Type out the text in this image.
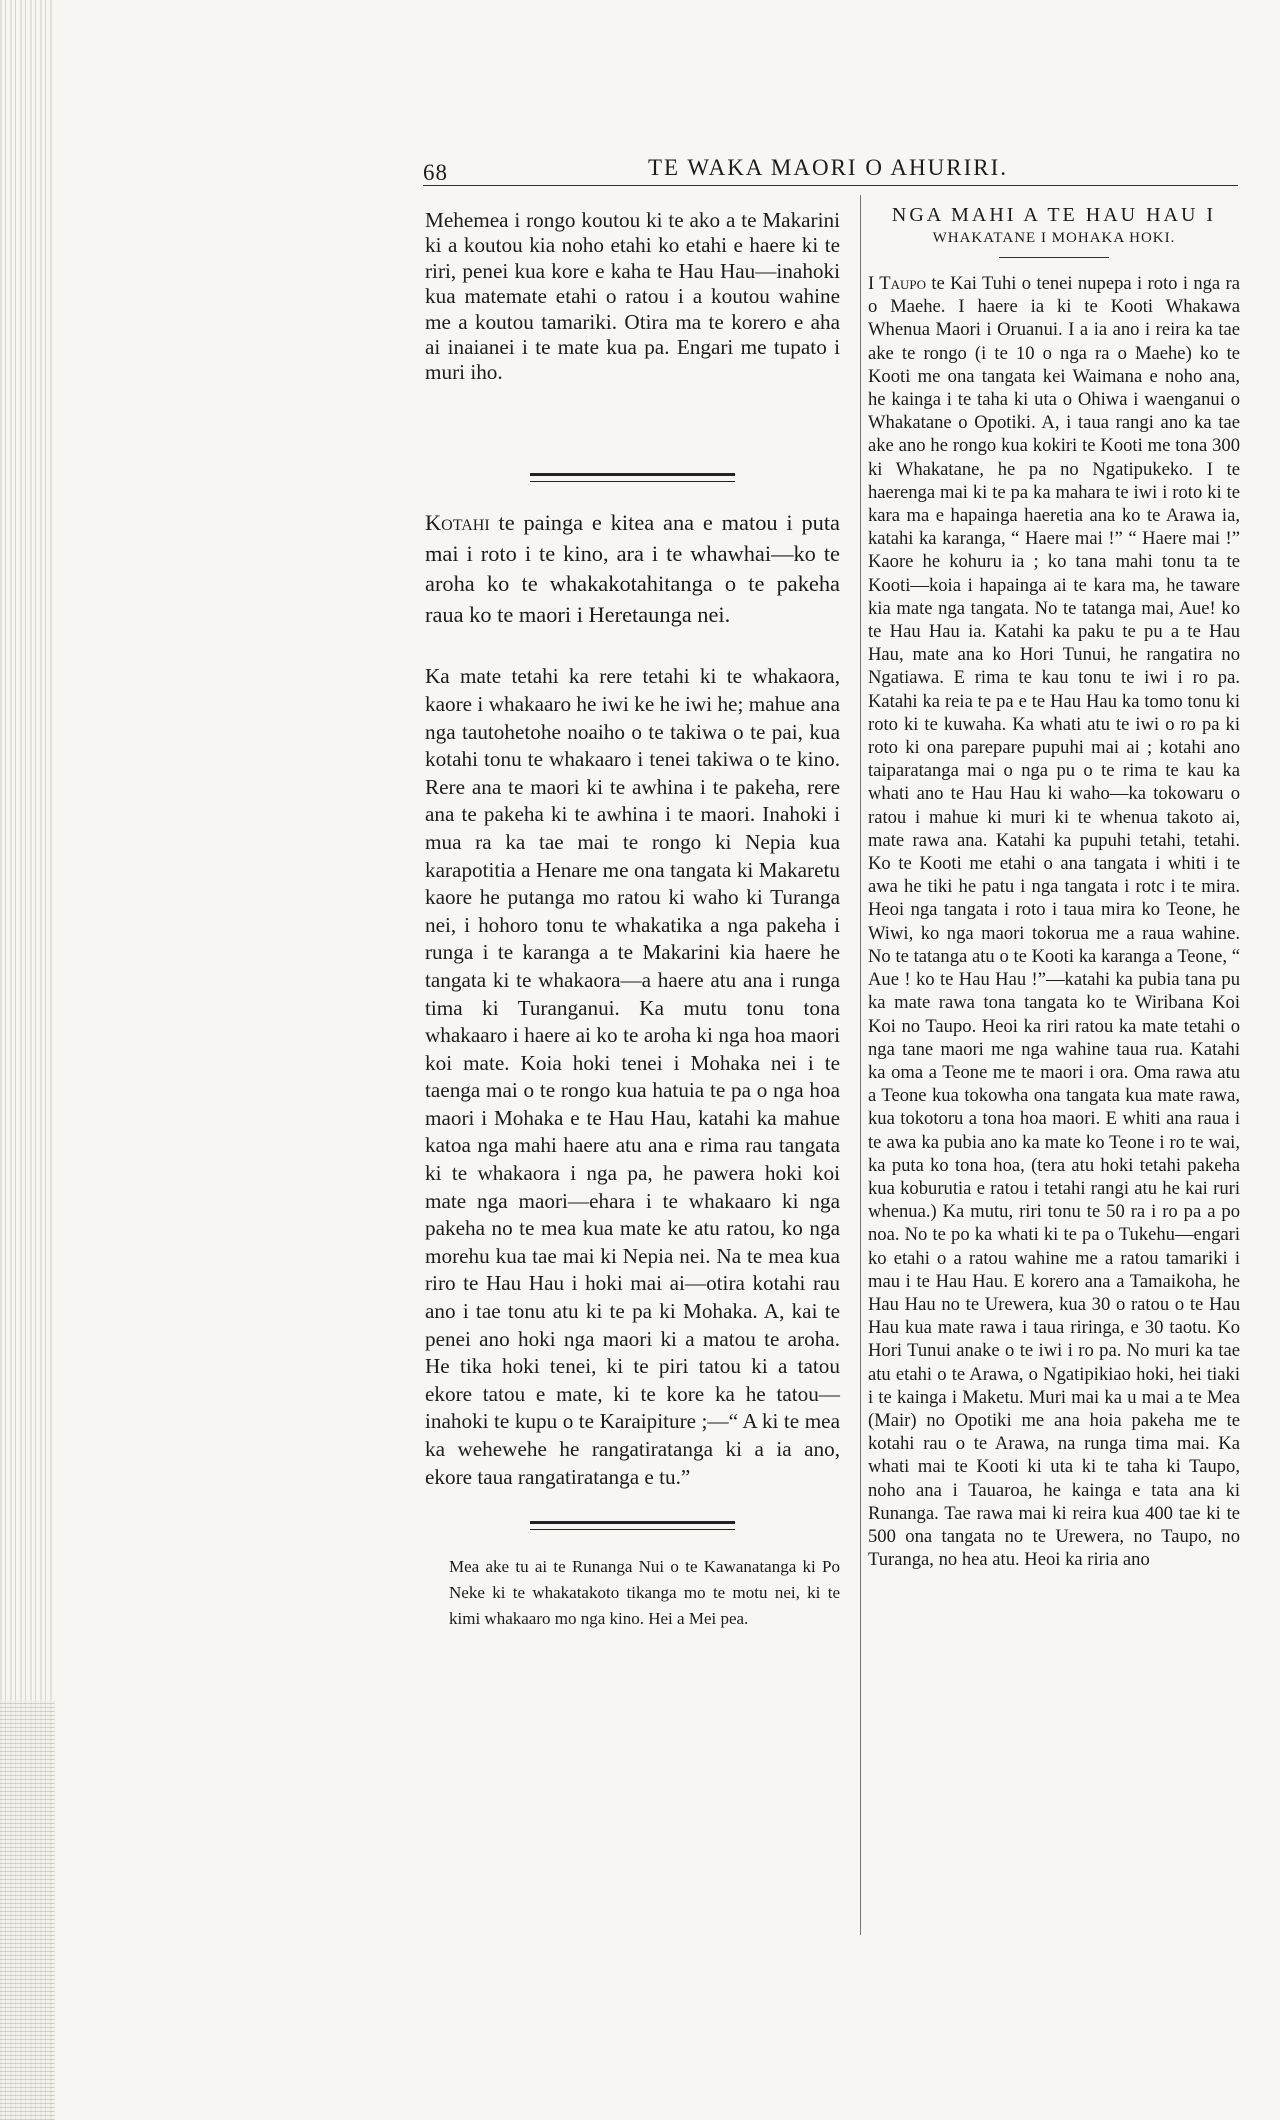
68	TE WAKA MAORI O AHURIRI.

Mehemea i rongo koutou ki te ako a te Makarini ki a koutou kia noho etahi ko etahi e haere ki te riri, penei kua kore e kaha te Hau Hau—inahoki kua matemate etahi o ratou i a koutou wahine me a koutou tamariki. Otira ma te korero e aha ai inaianei i te mate kua pa. Engari me tupato i muri iho.

Kotahi te painga e kitea ana e matou i puta mai i roto i te kino, ara i te whawhai—ko te aroha ko te whakakotahitanga o te pakeha raua ko te maori i Heretaunga nei.

Ka mate tetahi ka rere tetahi ki te whakaora, kaore i whakaaro he iwi ke he iwi he; mahue ana nga tautohetohe noaiho o te takiwa o te pai, kua kotahi tonu te whakaaro i tenei takiwa o te kino. Rere ana te maori ki te awhina i te pakeha, rere ana te pakeha ki te awhina i te maori. Inahoki i mua ra ka tae mai te rongo ki Nepia kua karapotitia a Henare me ona tangata ki Makaretu kaore he putanga mo ratou ki waho ki Turanga nei, i hohoro tonu te whakatika a nga pakeha i runga i te karanga a te Makarini kia haere he tangata ki te whakaora—a haere atu ana i runga tima ki Turanganui. Ka mutu tonu tona whakaaro i haere ai ko te aroha ki nga hoa maori koi mate. Koia hoki tenei i Mohaka nei i te taenga mai o te rongo kua hatuia te pa o nga hoa maori i Mohaka e te Hau Hau, katahi ka mahue katoa nga mahi haere atu ana e rima rau tangata ki te whakaora i nga pa, he pawera hoki koi mate nga maori—ehara i te whakaaro ki nga pakeha no te mea kua mate ke atu ratou, ko nga morehu kua tae mai ki Nepia nei. Na te mea kua riro te Hau Hau i hoki mai ai—otira kotahi rau ano i tae tonu atu ki te pa ki Mohaka. A, kai te penei ano hoki nga maori ki a matou te aroha. He tika hoki tenei, ki te piri tatou ki a tatou ekore tatou e mate, ki te kore ka he tatou—inahoki te kupu o te Karaipiture ;—“ A ki te mea ka wehewehe he rangatiratanga ki a ia ano, ekore taua rangatiratanga e tu.”

Mea ake tu ai te Runanga Nui o te Kawanatanga ki Po Neke ki te whakatakoto tikanga mo te motu nei, ki te kimi whakaaro mo nga kino. Hei a Mei pea.

NGA MAHI A TE HAU HAU I

WHAKATANE I MOHAKA HOKI.

I Taupo te Kai Tuhi o tenei nupepa i roto i nga ra o Maehe. I haere ia ki te Kooti Whakawa Whenua Maori i Oruanui. I a ia ano i reira ka tae ake te rongo (i te 10 o nga ra o Maehe) ko te Kooti me ona tangata kei Waimana e noho ana, he kainga i te taha ki uta o Ohiwa i waenganui o Whakatane o Opotiki. A, i taua rangi ano ka tae ake ano he rongo kua kokiri te Kooti me tona 300 ki Whakatane, he pa no Ngatipukeko. I te haerenga mai ki te pa ka mahara te iwi i roto ki te kara ma e hapainga haeretia ana ko te Arawa ia, katahi ka karanga, “ Haere mai !” “ Haere mai !” Kaore he kohuru ia ; ko tana mahi tonu ta te Kooti—koia i hapainga ai te kara ma, he taware kia mate nga tangata. No te tatanga mai, Aue! ko te Hau Hau ia. Katahi ka paku te pu a te Hau Hau, mate ana ko Hori Tunui, he rangatira no Ngatiawa. E rima te kau tonu te iwi i ro pa. Katahi ka reia te pa e te Hau Hau ka tomo tonu ki roto ki te kuwaha. Ka whati atu te iwi o ro pa ki roto ki ona parepare pupuhi mai ai ; kotahi ano taiparatanga mai o nga pu o te rima te kau ka whati ano te Hau Hau ki waho—ka tokowaru o ratou i mahue ki muri ki te whenua takoto ai, mate rawa ana. Katahi ka pupuhi tetahi, tetahi. Ko te Kooti me etahi o ana tangata i whiti i te awa he tiki he patu i nga tangata i rotc i te mira. Heoi nga tangata i roto i taua mira ko Teone, he Wiwi, ko nga maori tokorua me a raua wahine. No te tatanga atu o te Kooti ka karanga a Teone, “ Aue ! ko te Hau Hau !”—katahi ka pubia tana pu ka mate rawa tona tangata ko te Wiribana Koi Koi no Taupo. Heoi ka riri ratou ka mate tetahi o nga tane maori me nga wahine taua rua. Katahi ka oma a Teone me te maori i ora. Oma rawa atu a Teone kua tokowha ona tangata kua mate rawa, kua tokotoru a tona hoa maori. E whiti ana raua i te awa ka pubia ano ka mate ko Teone i ro te wai, ka puta ko tona hoa, (tera atu hoki tetahi pakeha kua koburutia e ratou i tetahi rangi atu he kai ruri whenua.) Ka mutu, riri tonu te 50 ra i ro pa a po noa. No te po ka whati ki te pa o Tukehu—engari ko etahi o a ratou wahine me a ratou tamariki i mau i te Hau Hau. E korero ana a Tamaikoha, he Hau Hau no te Urewera, kua 30 o ratou o te Hau Hau kua mate rawa i taua riringa, e 30 taotu. Ko Hori Tunui anake o te iwi i ro pa. No muri ka tae atu etahi o te Arawa, o Ngatipikiao hoki, hei tiaki i te kainga i Maketu. Muri mai ka u mai a te Mea (Mair) no Opotiki me ana hoia pakeha me te kotahi rau o te Arawa, na runga tima mai. Ka whati mai te Kooti ki uta ki te taha ki Taupo, noho ana i Tauaroa, he kainga e tata ana ki Runanga. Tae rawa mai ki reira kua 400 tae ki te 500 ona tangata no te Urewera, no Taupo, no Turanga, no hea atu. Heoi ka riria ano
